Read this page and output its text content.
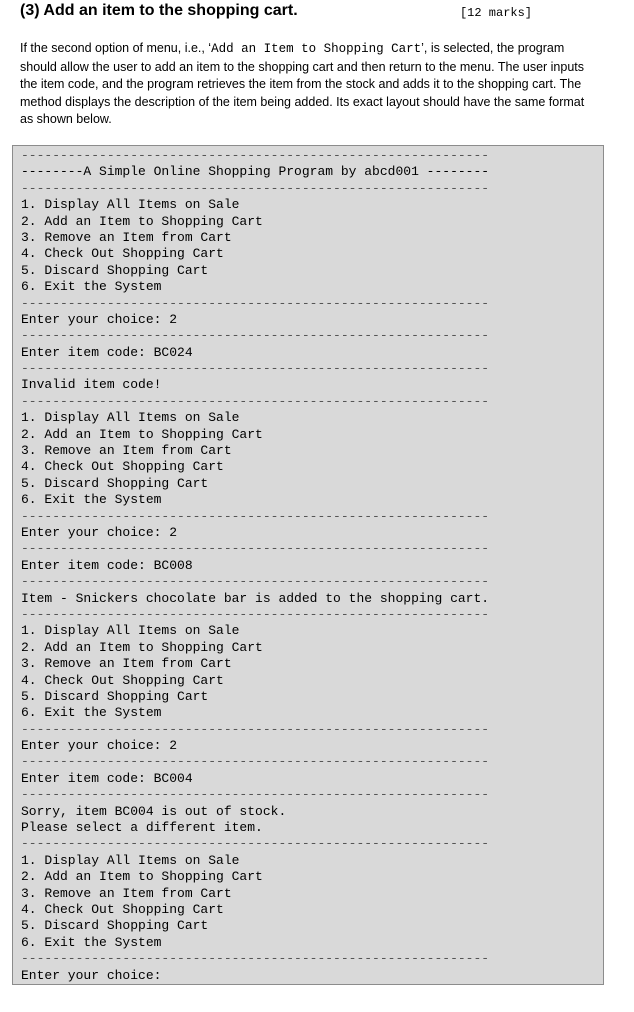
(3) Add an item to the shopping cart.	[12 marks]

If the second option of menu, i.e., ‘Add an Item to Shopping Cart’, is selected, the program should allow the user to add an item to the shopping cart and then return to the menu. The user inputs the item code, and the program retrieves the item from the stock and adds it to the shopping cart. The method displays the description of the item being added. Its exact layout should have the same format as shown below.

------------------------------------------------------------
--------A Simple Online Shopping Program by abcd001 --------
------------------------------------------------------------
1. Display All Items on Sale
2. Add an Item to Shopping Cart
3. Remove an Item from Cart
4. Check Out Shopping Cart
5. Discard Shopping Cart
6. Exit the System
------------------------------------------------------------
Enter your choice: 2
------------------------------------------------------------
Enter item code: BC024
------------------------------------------------------------
Invalid item code!
------------------------------------------------------------
1. Display All Items on Sale
2. Add an Item to Shopping Cart
3. Remove an Item from Cart
4. Check Out Shopping Cart
5. Discard Shopping Cart
6. Exit the System
------------------------------------------------------------
Enter your choice: 2
------------------------------------------------------------
Enter item code: BC008
------------------------------------------------------------
Item - Snickers chocolate bar is added to the shopping cart.
------------------------------------------------------------
1. Display All Items on Sale
2. Add an Item to Shopping Cart
3. Remove an Item from Cart
4. Check Out Shopping Cart
5. Discard Shopping Cart
6. Exit the System
------------------------------------------------------------
Enter your choice: 2
------------------------------------------------------------
Enter item code: BC004
------------------------------------------------------------
Sorry, item BC004 is out of stock.
Please select a different item.
------------------------------------------------------------
1. Display All Items on Sale
2. Add an Item to Shopping Cart
3. Remove an Item from Cart
4. Check Out Shopping Cart
5. Discard Shopping Cart
6. Exit the System
------------------------------------------------------------
Enter your choice:
